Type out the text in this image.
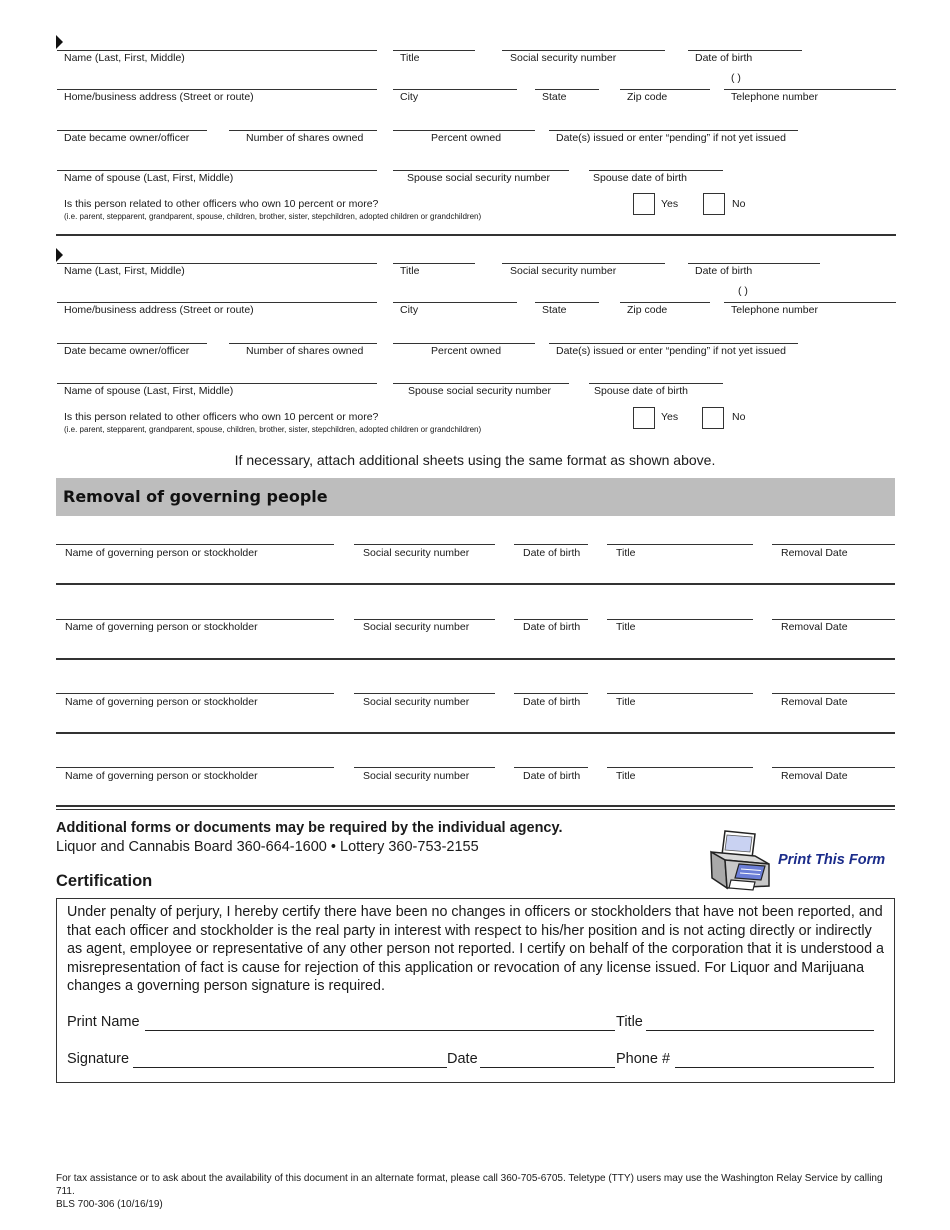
Name (Last, First, Middle)	Title	Social security number	Date of birth
( )
Home/business address (Street or route)	City	State	Zip code	Telephone number
Date became owner/officer	Number of shares owned	Percent owned	Date(s) issued or enter “pending” if not yet issued
Name of spouse (Last, First, Middle)	Spouse social security number	Spouse date of birth
Is this person related to other officers who own 10 percent or more?
(i.e. parent, stepparent, grandparent, spouse, children, brother, sister, stepchildren, adopted children or grandchildren)
Yes	No
Name (Last, First, Middle)	Title	Social security number	Date of birth
( )
Home/business address (Street or route)	City	State	Zip code	Telephone number
Date became owner/officer	Number of shares owned	Percent owned	Date(s) issued or enter “pending” if not yet issued
Name of spouse (Last, First, Middle)	Spouse social security number	Spouse date of birth
Is this person related to other officers who own 10 percent or more?
(i.e. parent, stepparent, grandparent, spouse, children, brother, sister, stepchildren, adopted children or grandchildren)
Yes	No
If necessary, attach additional sheets using the same format as shown above.
Removal of governing people
Name of governing person or stockholder	Social security number	Date of birth	Title	Removal Date
Name of governing person or stockholder	Social security number	Date of birth	Title	Removal Date
Name of governing person or stockholder	Social security number	Date of birth	Title	Removal Date
Name of governing person or stockholder	Social security number	Date of birth	Title	Removal Date
Additional forms or documents may be required by the individual agency.
Liquor and Cannabis Board 360-664-1600 • Lottery 360-753-2155
Print This Form
Certification
Under penalty of perjury, I hereby certify there have been no changes in officers or stockholders that have not been reported, and that each officer and stockholder is the real party in interest with respect to his/her position and is not acting directly or indirectly as agent, employee or representative of any other person not reported. I certify on behalf of the corporation that it is understood a misrepresentation of fact is cause for rejection of this application or revocation of any license issued. For Liquor and Marijuana changes a governing person signature is required.
Print Name	Title
Signature	Date	Phone #
For tax assistance or to ask about the availability of this document in an alternate format, please call 360-705-6705. Teletype (TTY) users may use the Washington Relay Service by calling 711.
BLS 700-306 (10/16/19)
